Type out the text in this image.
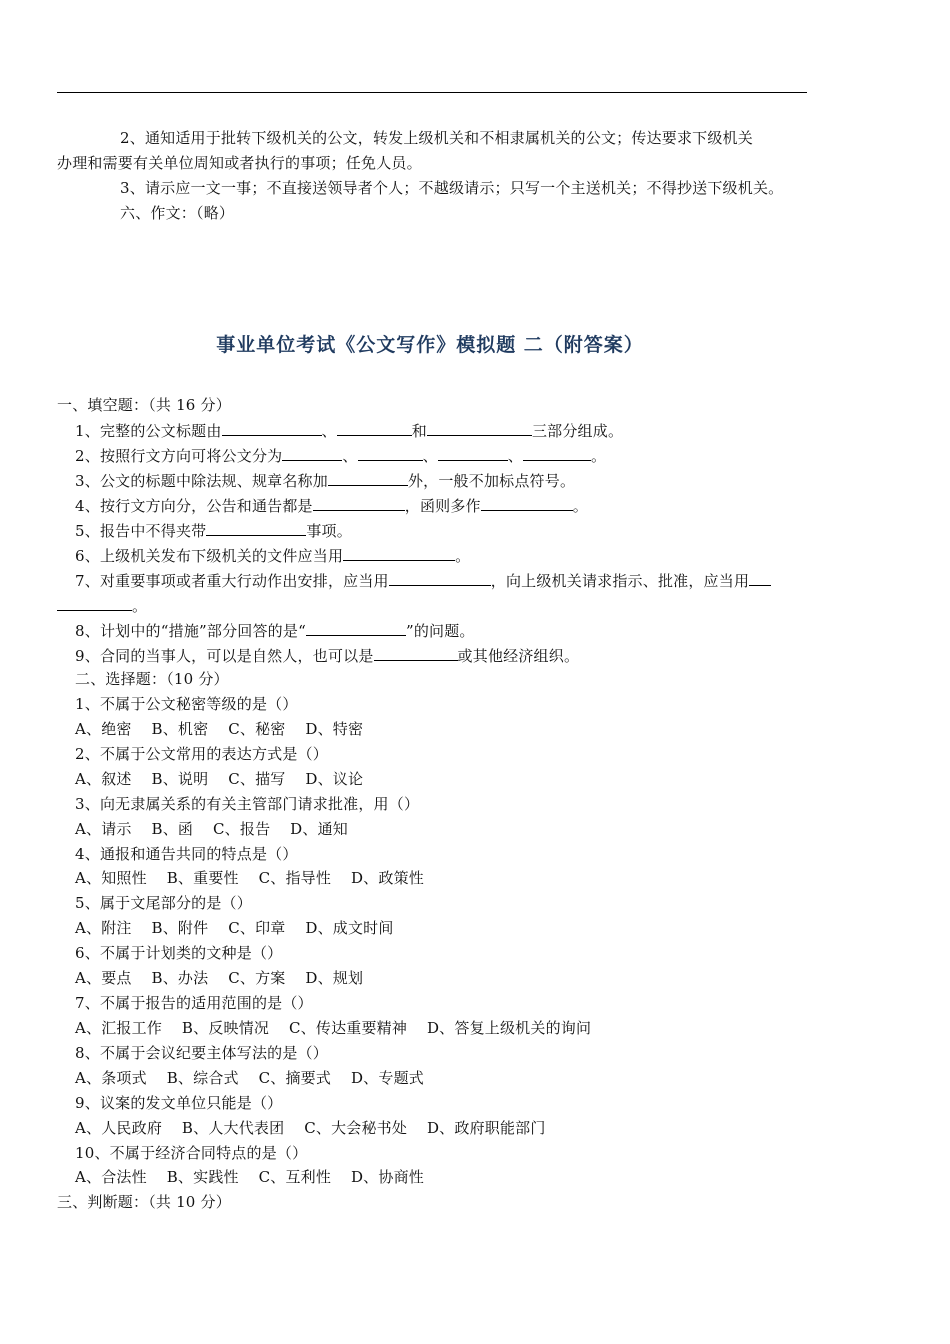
2、通知适用于批转下级机关的公文，转发上级机关和不相隶属机关的公文；传达要求下级机关
办理和需要有关单位周知或者执行的事项；任免人员。
3、请示应一文一事；不直接送领导者个人；不越级请示；只写一个主送机关；不得抄送下级机关。
六、作文：（略）
事业单位考试《公文写作》模拟题 二（附答案）
一、填空题：（共 16 分）
1、完整的公文标题由	、	和	三部分组成。
2、按照行文方向可将公文分为	、	、	、	。
3、公文的标题中除法规、规章名称加	外，一般不加标点符号。
4、按行文方向分，公告和通告都是	，函则多作	。
5、报告中不得夹带	事项。
6、上级机关发布下级机关的文件应当用	。
7、对重要事项或者重大行动作出安排，应当用	，向上级机关请求指示、批准，应当用
。
8、计划中的“措施”部分回答的是“	”的问题。
9、合同的当事人，可以是自然人，也可以是	或其他经济组织。
二、选择题：（10 分）
1、不属于公文秘密等级的是（）
A、绝密    B、机密    C、秘密    D、特密
2、不属于公文常用的表达方式是（）
A、叙述    B、说明    C、描写    D、议论
3、向无隶属关系的有关主管部门请求批准，用（）
A、请示    B、函    C、报告    D、通知
4、通报和通告共同的特点是（）
A、知照性    B、重要性    C、指导性    D、政策性
5、属于文尾部分的是（）
A、附注    B、附件    C、印章    D、成文时间
6、不属于计划类的文种是（）
A、要点    B、办法    C、方案    D、规划
7、不属于报告的适用范围的是（）
A、汇报工作    B、反映情况    C、传达重要精神    D、答复上级机关的询问
8、不属于会议纪要主体写法的是（）
A、条项式    B、综合式    C、摘要式    D、专题式
9、议案的发文单位只能是（）
A、人民政府    B、人大代表团    C、大会秘书处    D、政府职能部门
10、不属于经济合同特点的是（）
A、合法性    B、实践性    C、互利性    D、协商性
三、判断题：（共 10 分）
